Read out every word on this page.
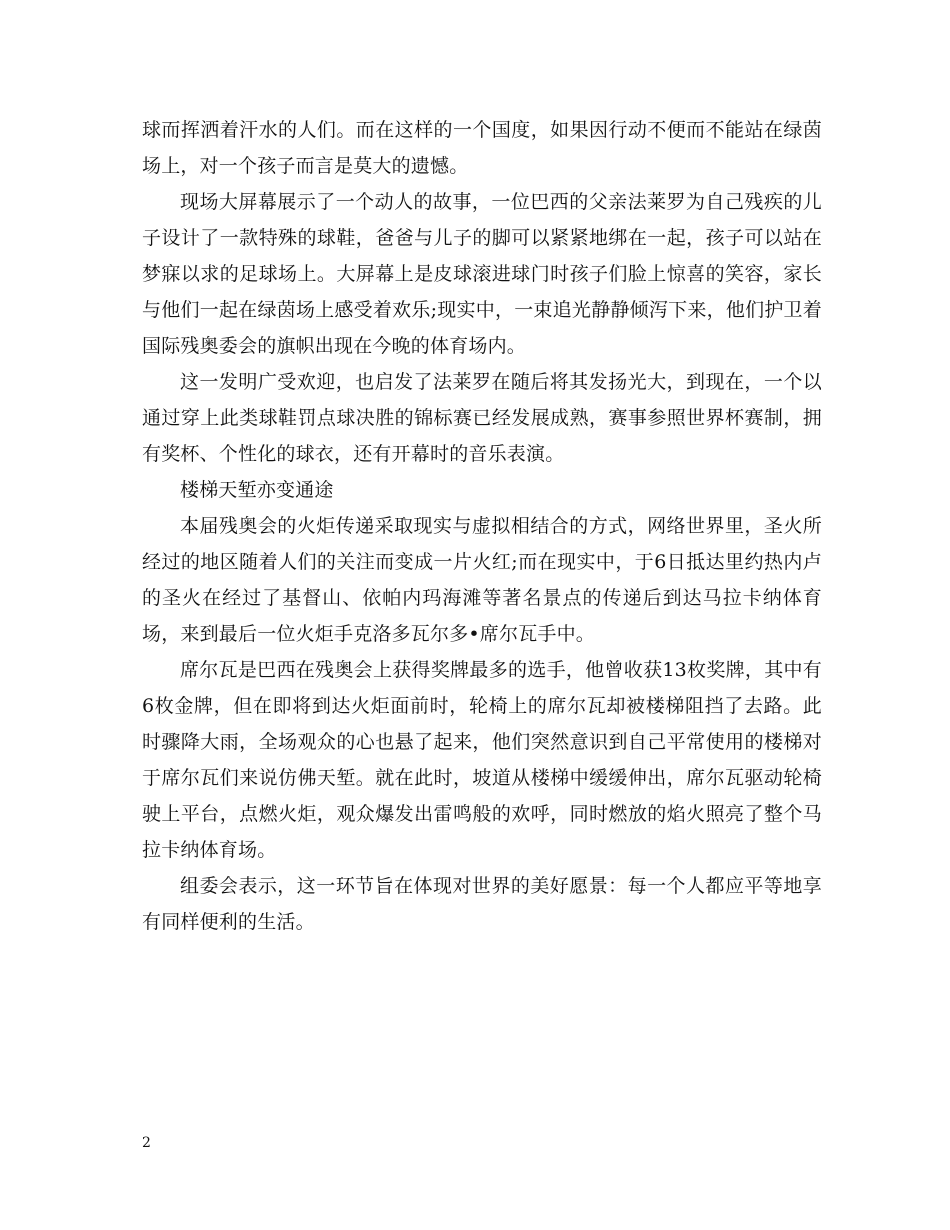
球而挥洒着汗水的人们。而在这样的一个国度，如果因行动不便而不能站在绿茵场上，对一个孩子而言是莫大的遗憾。

现场大屏幕展示了一个动人的故事，一位巴西的父亲法莱罗为自己残疾的儿子设计了一款特殊的球鞋，爸爸与儿子的脚可以紧紧地绑在一起，孩子可以站在梦寐以求的足球场上。大屏幕上是皮球滚进球门时孩子们脸上惊喜的笑容，家长与他们一起在绿茵场上感受着欢乐;现实中，一束追光静静倾泻下来，他们护卫着国际残奥委会的旗帜出现在今晚的体育场内。

这一发明广受欢迎，也启发了法莱罗在随后将其发扬光大，到现在，一个以通过穿上此类球鞋罚点球决胜的锦标赛已经发展成熟，赛事参照世界杯赛制，拥有奖杯、个性化的球衣，还有开幕时的音乐表演。

楼梯天堑亦变通途

本届残奥会的火炬传递采取现实与虚拟相结合的方式，网络世界里，圣火所经过的地区随着人们的关注而变成一片火红;而在现实中，于6日抵达里约热内卢的圣火在经过了基督山、依帕内玛海滩等著名景点的传递后到达马拉卡纳体育场，来到最后一位火炬手克洛多瓦尔多•席尔瓦手中。

席尔瓦是巴西在残奥会上获得奖牌最多的选手，他曾收获13枚奖牌，其中有6枚金牌，但在即将到达火炬面前时，轮椅上的席尔瓦却被楼梯阻挡了去路。此时骤降大雨，全场观众的心也悬了起来，他们突然意识到自己平常使用的楼梯对于席尔瓦们来说仿佛天堑。就在此时，坡道从楼梯中缓缓伸出，席尔瓦驱动轮椅驶上平台，点燃火炬，观众爆发出雷鸣般的欢呼，同时燃放的焰火照亮了整个马拉卡纳体育场。

组委会表示，这一环节旨在体现对世界的美好愿景：每一个人都应平等地享有同样便利的生活。

2
